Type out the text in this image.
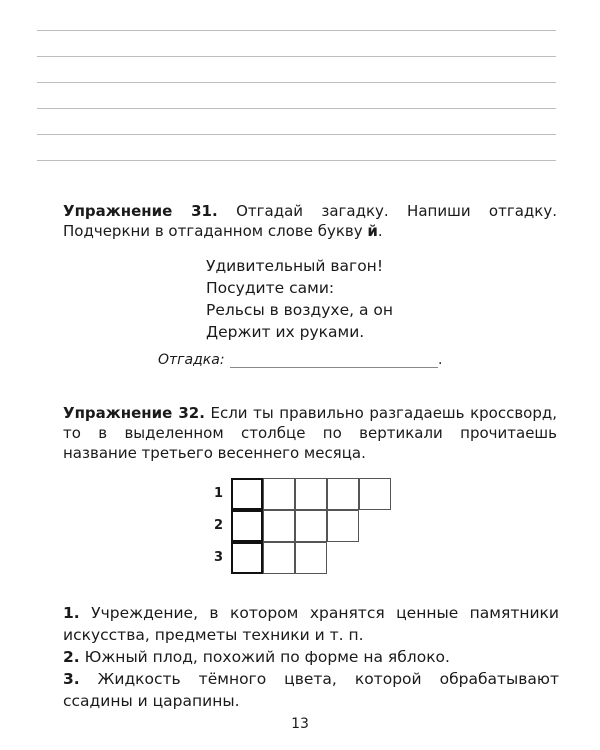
Упражнение 31. Отгадай загадку. Напиши отгадку. Подчеркни в отгаданном слове букву й.
Удивительный вагон!
Посудите сами:
Рельсы в воздухе, а он
Держит их руками.
Отгадка:	.
Упражнение 32. Если ты правильно разгадаешь кроссворд, то в выделенном столбце по вертикали прочитаешь название третьего весеннего месяца.
1
2
3
1. Учреждение, в котором хранятся ценные памятники искусства, предметы техники и т. п.
2. Южный плод, похожий по форме на яблоко.
3. Жидкость тёмного цвета, которой обрабатывают ссадины и царапины.
13
